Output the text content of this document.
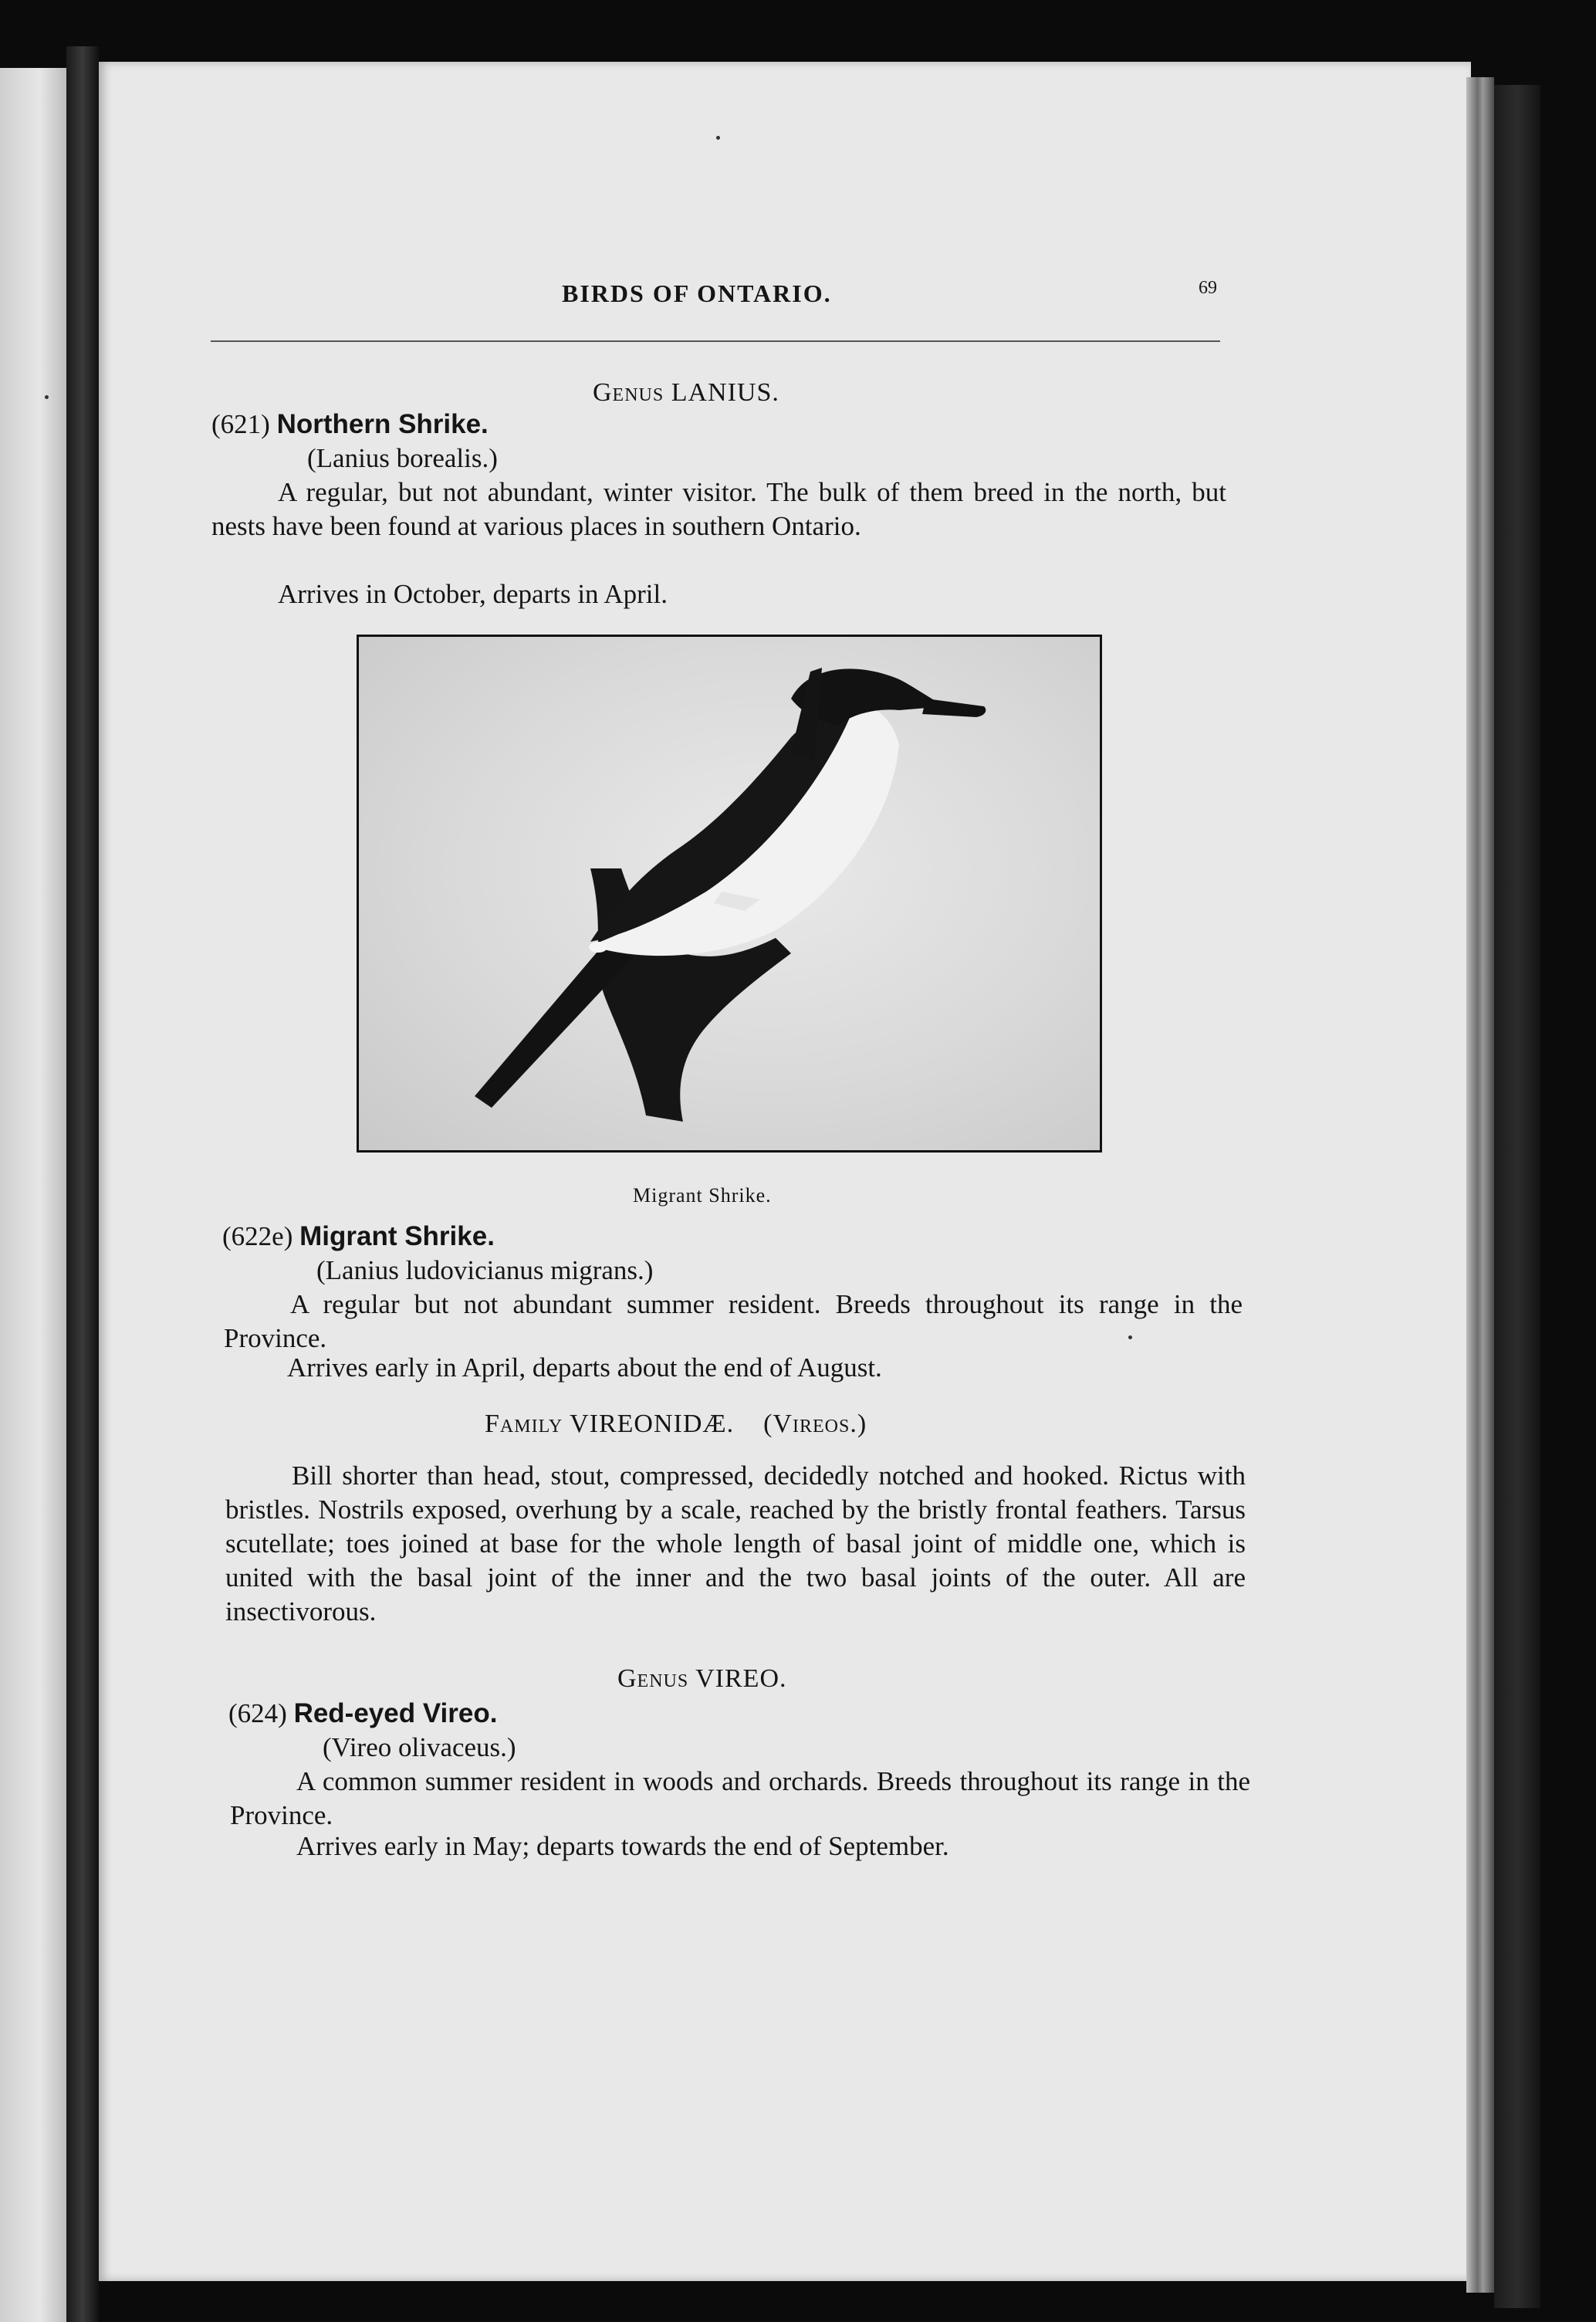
BIRDS OF ONTARIO.	69
Genus LANIUS.
(621) Northern Shrike.
(Lanius borealis.)

A regular, but not abundant, winter visitor. The bulk of them breed in the north, but nests have been found at various places in southern Ontario.

Arrives in October, departs in April.
Migrant Shrike.
(622e) Migrant Shrike.
(Lanius ludovicianus migrans.)

A regular but not abundant summer resident. Breeds throughout its range in the Province.

Arrives early in April, departs about the end of August.
Family VIREONIDÆ. (Vireos.)

Bill shorter than head, stout, compressed, decidedly notched and hooked. Rictus with bristles. Nostrils exposed, overhung by a scale, reached by the bristly frontal feathers. Tarsus scutellate; toes joined at base for the whole length of basal joint of middle one, which is united with the basal joint of the inner and the two basal joints of the outer. All are insectivorous.

Genus VIREO.
(624) Red-eyed Vireo.
(Vireo olivaceus.)

A common summer resident in woods and orchards. Breeds throughout its range in the Province.

Arrives early in May; departs towards the end of September.
